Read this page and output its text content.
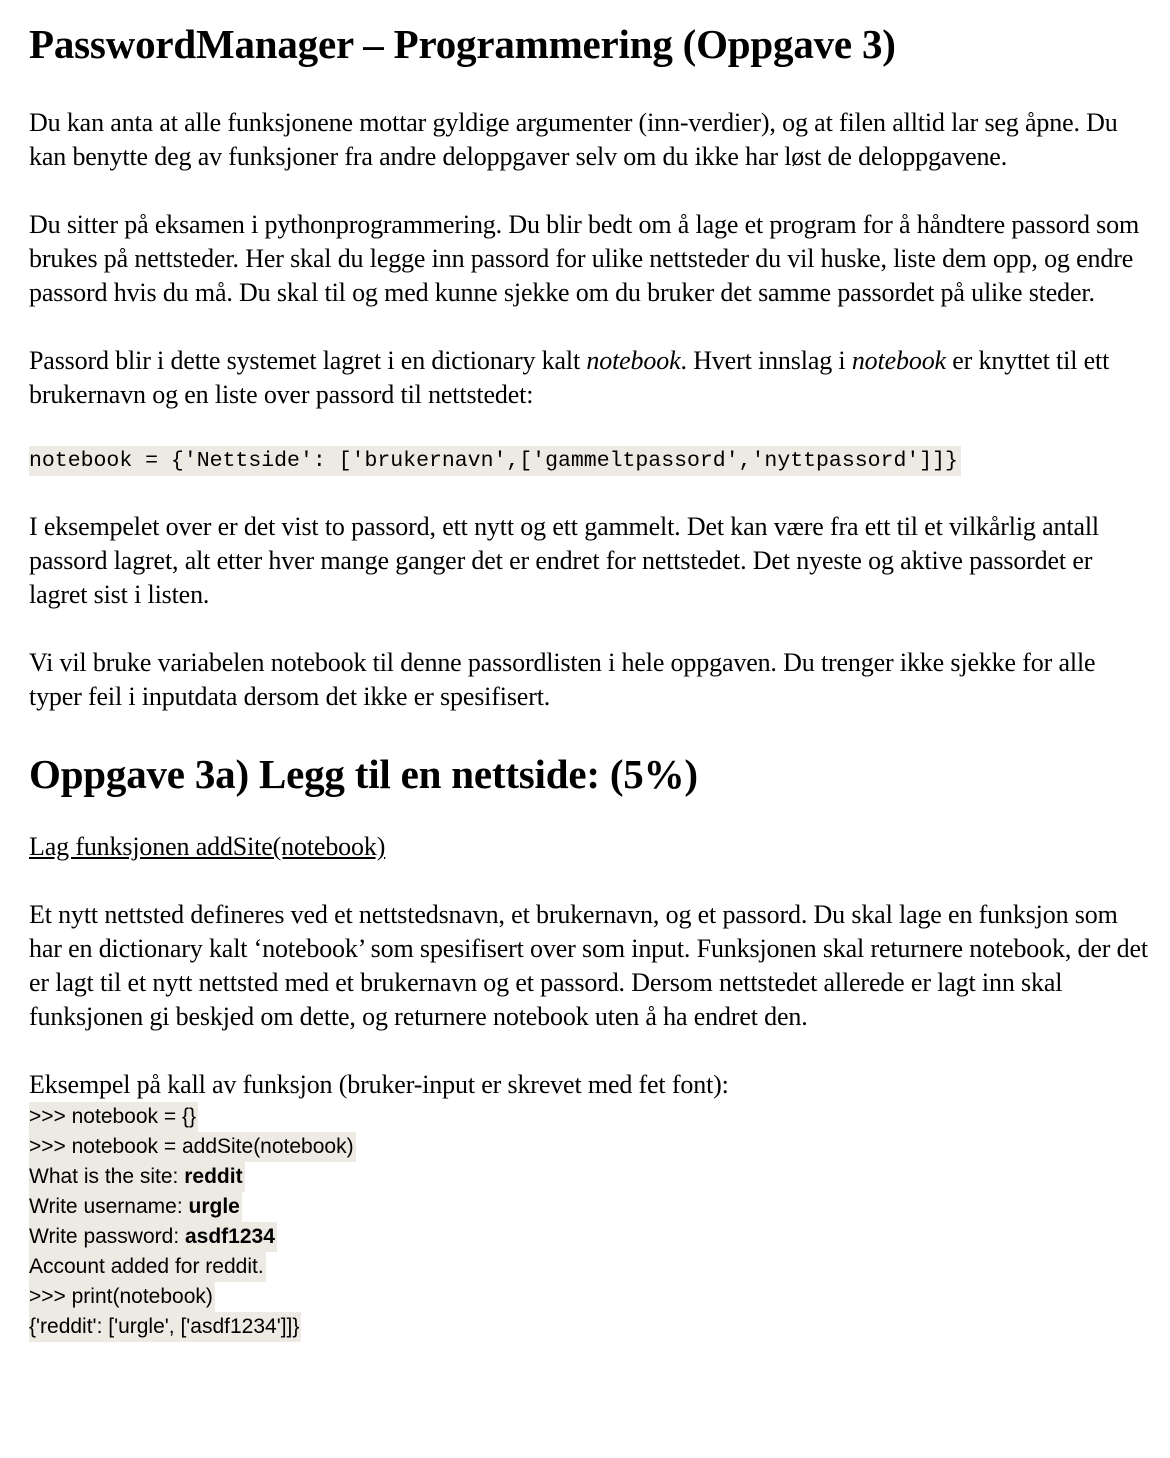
PasswordManager – Programmering (Oppgave 3)

Du kan anta at alle funksjonene mottar gyldige argumenter (inn-verdier), og at filen alltid lar seg åpne. Du kan benytte deg av funksjoner fra andre deloppgaver selv om du ikke har løst de deloppgavene.

Du sitter på eksamen i pythonprogrammering. Du blir bedt om å lage et program for å håndtere passord som brukes på nettsteder. Her skal du legge inn passord for ulike nettsteder du vil huske, liste dem opp, og endre passord hvis du må. Du skal til og med kunne sjekke om du bruker det samme passordet på ulike steder.

Passord blir i dette systemet lagret i en dictionary kalt notebook. Hvert innslag i notebook er knyttet til ett brukernavn og en liste over passord til nettstedet:

notebook = {'Nettside': ['brukernavn',['gammeltpassord','nyttpassord']]}

I eksempelet over er det vist to passord, ett nytt og ett gammelt. Det kan være fra ett til et vilkårlig antall passord lagret, alt etter hver mange ganger det er endret for nettstedet. Det nyeste og aktive passordet er lagret sist i listen.

Vi vil bruke variabelen notebook til denne passordlisten i hele oppgaven. Du trenger ikke sjekke for alle typer feil i inputdata dersom det ikke er spesifisert.

Oppgave 3a) Legg til en nettside: (5%)

Lag funksjonen addSite(notebook)

Et nytt nettsted defineres ved et nettstedsnavn, et brukernavn, og et passord. Du skal lage en funksjon som har en dictionary kalt ‘notebook’ som spesifisert over som input. Funksjonen skal returnere notebook, der det er lagt til et nytt nettsted med et brukernavn og et passord. Dersom nettstedet allerede er lagt inn skal funksjonen gi beskjed om dette, og returnere notebook uten å ha endret den.

Eksempel på kall av funksjon (bruker-input er skrevet med fet font):

>>> notebook = {}
>>> notebook = addSite(notebook)
What is the site: reddit
Write username: urgle
Write password: asdf1234
Account added for reddit.
>>> print(notebook)
{'reddit': ['urgle', ['asdf1234']]}
